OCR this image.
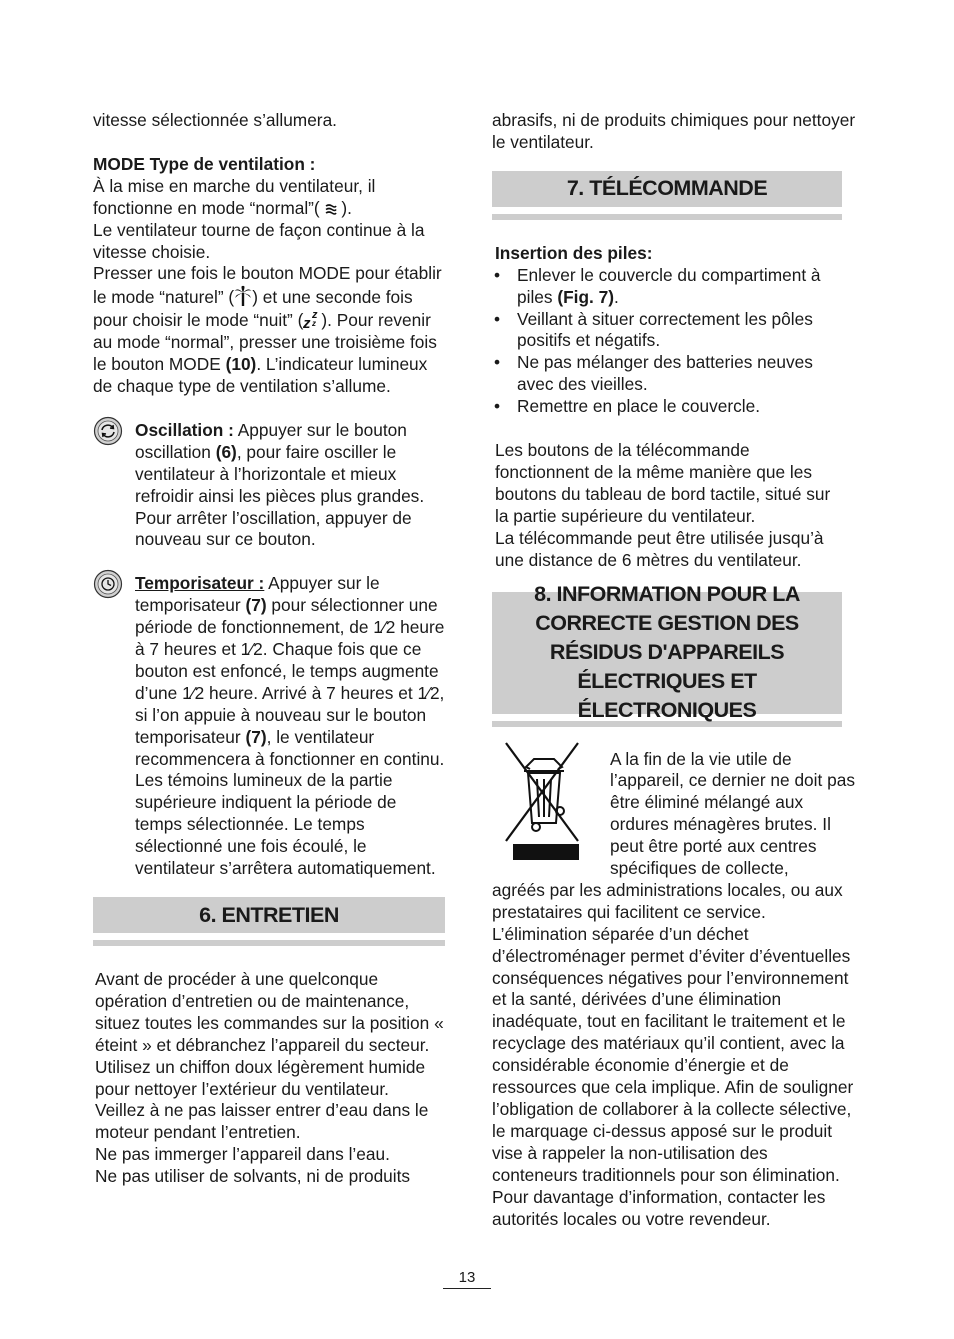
vitesse sélectionnée s’allumera.

MODE Type de ventilation :

À la mise en marche du ventilateur, il fonctionne en mode “normal”( ).

Le ventilateur tourne de façon continue à la vitesse choisie.

Presser une fois le bouton MODE pour établir le mode “naturel” ( ) et une seconde fois pour choisir le mode “nuit” ( z z
z ). Pour revenir au mode “normal”, presser une troisième fois le bouton MODE (10). L’indicateur lumineux de chaque type de ventilation s’allume.

Oscillation : Appuyer sur le bouton oscillation (6), pour faire osciller le ventilateur à l’horizontale et mieux refroidir ainsi les pièces plus grandes. Pour arrêter l’oscillation, appuyer de nouveau sur ce bouton.

Temporisateur : Appuyer sur le temporisateur (7) pour sélectionner une période de fonctionnement, de 1⁄2 heure à 7 heures et 1⁄2. Chaque fois que ce bouton est enfoncé, le temps augmente d’une 1⁄2 heure. Arrivé à 7 heures et 1⁄2, si l’on appuie à nouveau sur le bouton temporisateur (7), le ventilateur recommencera à fonctionner en continu. Les témoins lumineux de la partie supérieure indiquent la période de temps sélectionnée. Le temps sélectionné une fois écoulé, le ventilateur s’arrêtera automatiquement.

6. ENTRETIEN

Avant de procéder à une quelconque opération d’entretien ou de maintenance, situez toutes les commandes sur la position « éteint » et débranchez l’appareil du secteur.

Utilisez un chiffon doux légèrement humide pour nettoyer l’extérieur du ventilateur.

Veillez à ne pas laisser entrer d’eau dans le moteur pendant l’entretien.

Ne pas immerger l’appareil dans l’eau.

Ne pas utiliser de solvants, ni de produits

abrasifs, ni de produits chimiques pour nettoyer le ventilateur.

7. TÉLÉCOMMANDE

Insertion des piles:

• Enlever le couvercle du compartiment à piles (Fig. 7).
• Veillant à situer correctement les pôles positifs et négatifs.
• Ne pas mélanger des batteries neuves avec des vieilles.
• Remettre en place le couvercle.

Les boutons de la télécommande fonctionnent de la même manière que les boutons du tableau de bord tactile, situé sur la partie supérieure du ventilateur.

La télécommande peut être utilisée jusqu’à une distance de 6 mètres du ventilateur.

8. INFORMATION POUR LA CORRECTE GESTION DES RÉSIDUS D'APPAREILS ÉLECTRIQUES ET ÉLECTRONIQUES

A la fin de la vie utile de l’appareil, ce dernier ne doit pas être éliminé mélangé aux ordures ménagères brutes. Il peut être porté aux centres spécifiques de collecte,

agréés par les administrations locales, ou aux prestataires qui facilitent ce service. L’élimination séparée d’un déchet d’électroménager permet d’éviter d’éventuelles conséquences négatives pour l’environnement et la santé, dérivées d’une élimination inadéquate, tout en facilitant le traitement et le recyclage des matériaux qu’il contient, avec la considérable économie d’énergie et de ressources que cela implique. Afin de souligner l’obligation de collaborer à la collecte sélective, le marquage ci-dessus apposé sur le produit vise à rappeler la non-utilisation des conteneurs traditionnels pour son élimination.

Pour davantage d’information, contacter les autorités locales ou votre revendeur.

13
